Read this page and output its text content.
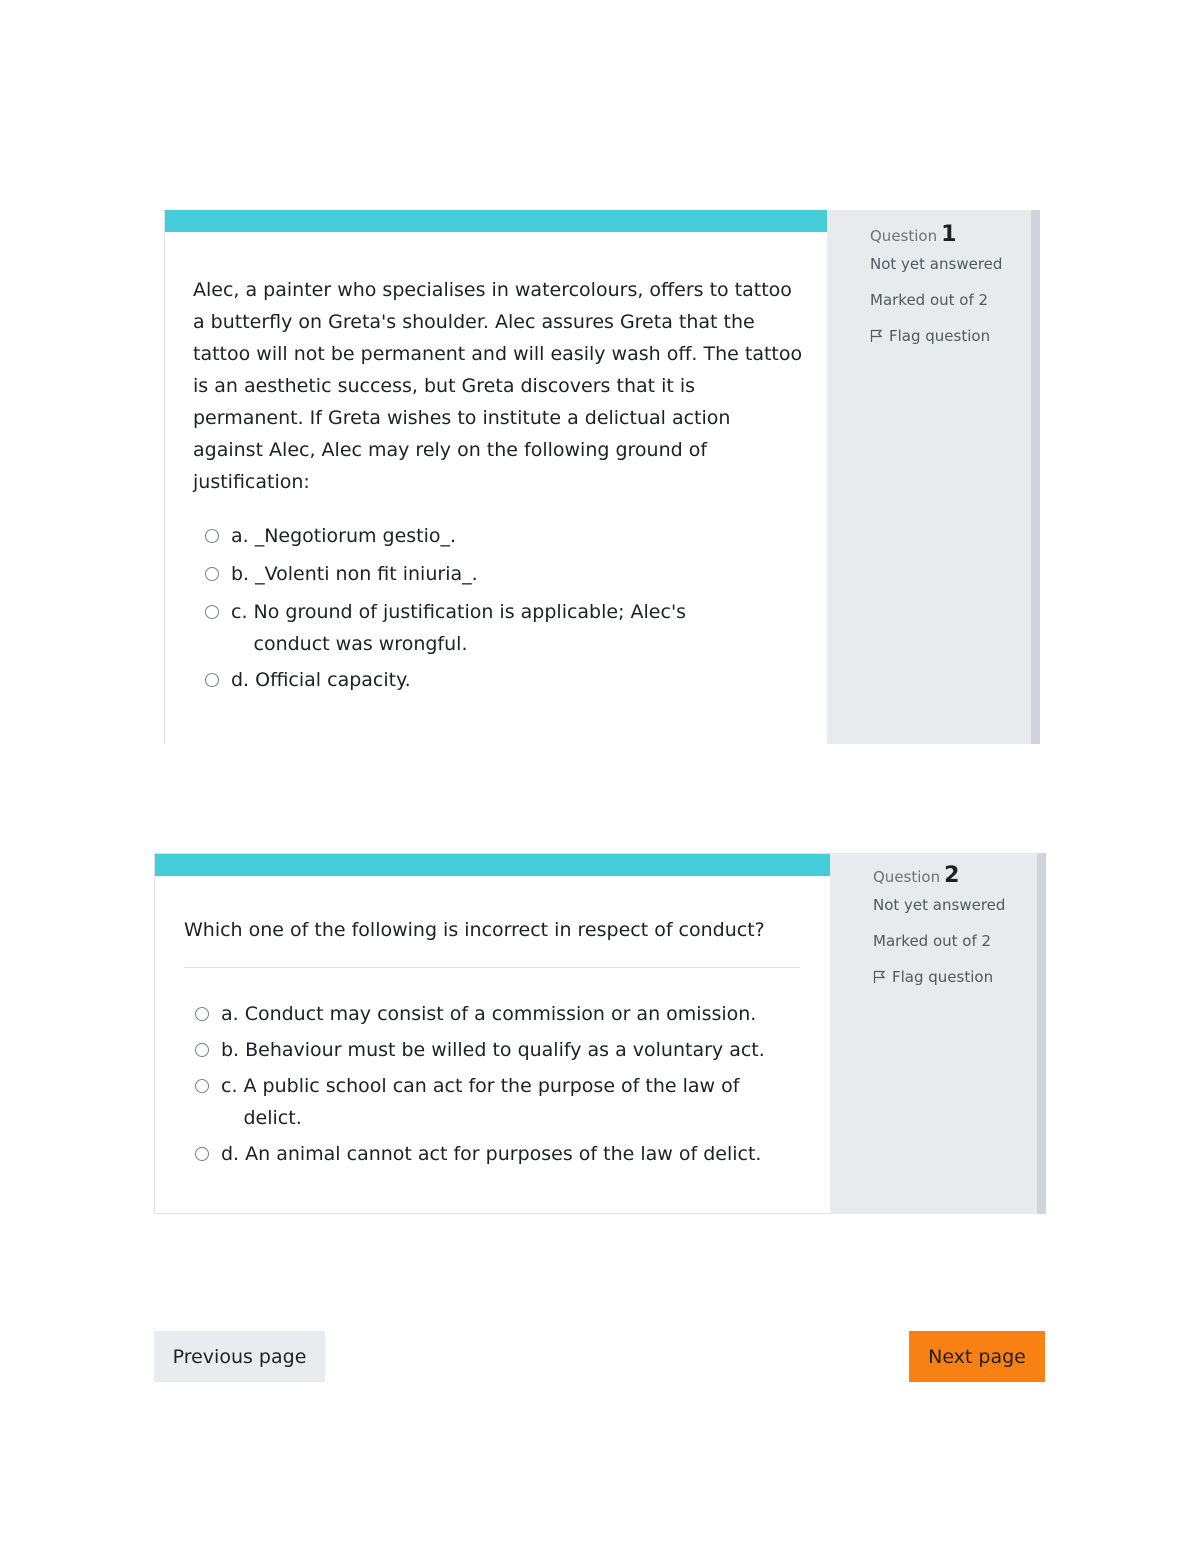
Alec, a painter who specialises in watercolours, offers to tattoo a butterfly on Greta's shoulder. Alec assures Greta that the tattoo will not be permanent and will easily wash off. The tattoo is an aesthetic success, but Greta discovers that it is permanent. If Greta wishes to institute a delictual action against Alec, Alec may rely on the following ground of justification:
a. _Negotiorum gestio_.
b. _Volenti non fit iniuria_.
c. No ground of justification is applicable; Alec's conduct was wrongful.
d. Official capacity.
Question 1
Not yet answered
Marked out of 2
Flag question
Which one of the following is incorrect in respect of conduct?
a. Conduct may consist of a commission or an omission.
b. Behaviour must be willed to qualify as a voluntary act.
c. A public school can act for the purpose of the law of delict.
d. An animal cannot act for purposes of the law of delict.
Question 2
Not yet answered
Marked out of 2
Flag question
Previous page	Next page
